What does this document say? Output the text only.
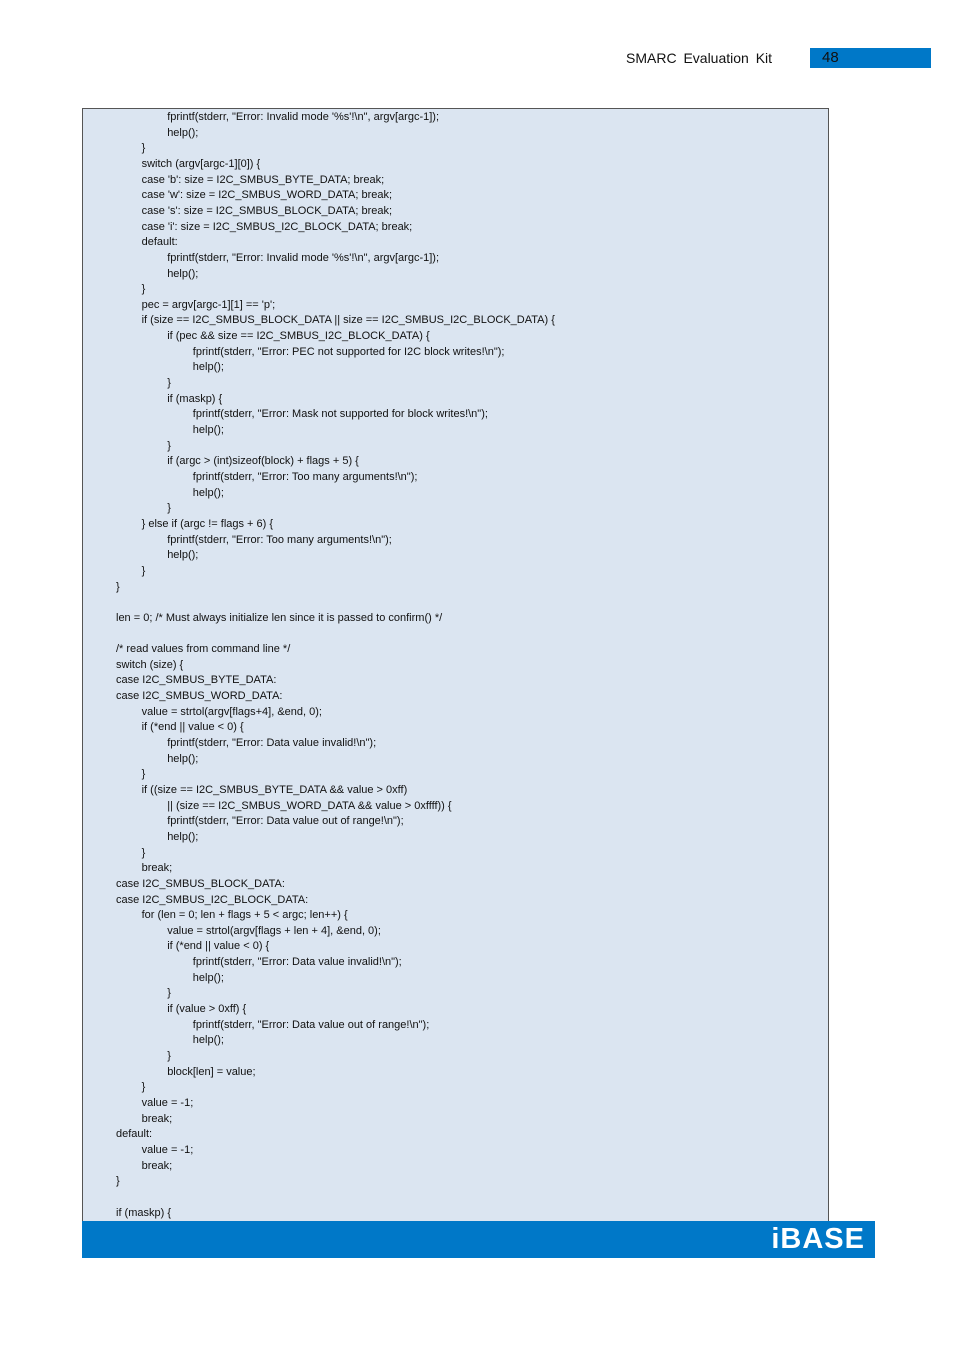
SMARC Evaluation Kit	48
fprintf(stderr, "Error: Invalid mode '%s'!\n", argv[argc-1]);
help();
}
switch (argv[argc-1][0]) {
case 'b': size = I2C_SMBUS_BYTE_DATA; break;
case 'w': size = I2C_SMBUS_WORD_DATA; break;
case 's': size = I2C_SMBUS_BLOCK_DATA; break;
case 'i': size = I2C_SMBUS_I2C_BLOCK_DATA; break;
default:
fprintf(stderr, "Error: Invalid mode '%s'!\n", argv[argc-1]);
help();
}
pec = argv[argc-1][1] == 'p';
if (size == I2C_SMBUS_BLOCK_DATA || size == I2C_SMBUS_I2C_BLOCK_DATA) {
if (pec && size == I2C_SMBUS_I2C_BLOCK_DATA) {
fprintf(stderr, "Error: PEC not supported for I2C block writes!\n");
help();
}
if (maskp) {
fprintf(stderr, "Error: Mask not supported for block writes!\n");
help();
}
if (argc > (int)sizeof(block) + flags + 5) {
fprintf(stderr, "Error: Too many arguments!\n");
help();
}
} else if (argc != flags + 6) {
fprintf(stderr, "Error: Too many arguments!\n");
help();
}
}
len = 0; /* Must always initialize len since it is passed to confirm() */
/* read values from command line */
switch (size) {
case I2C_SMBUS_BYTE_DATA:
case I2C_SMBUS_WORD_DATA:
value = strtol(argv[flags+4], &end, 0);
if (*end || value < 0) {
fprintf(stderr, "Error: Data value invalid!\n");
help();
}
if ((size == I2C_SMBUS_BYTE_DATA && value > 0xff)
|| (size == I2C_SMBUS_WORD_DATA && value > 0xffff)) {
fprintf(stderr, "Error: Data value out of range!\n");
help();
}
break;
case I2C_SMBUS_BLOCK_DATA:
case I2C_SMBUS_I2C_BLOCK_DATA:
for (len = 0; len + flags + 5 < argc; len++) {
value = strtol(argv[flags + len + 4], &end, 0);
if (*end || value < 0) {
fprintf(stderr, "Error: Data value invalid!\n");
help();
}
if (value > 0xff) {
fprintf(stderr, "Error: Data value out of range!\n");
help();
}
block[len] = value;
}
value = -1;
break;
default:
value = -1;
break;
}
if (maskp) {
iBASE
